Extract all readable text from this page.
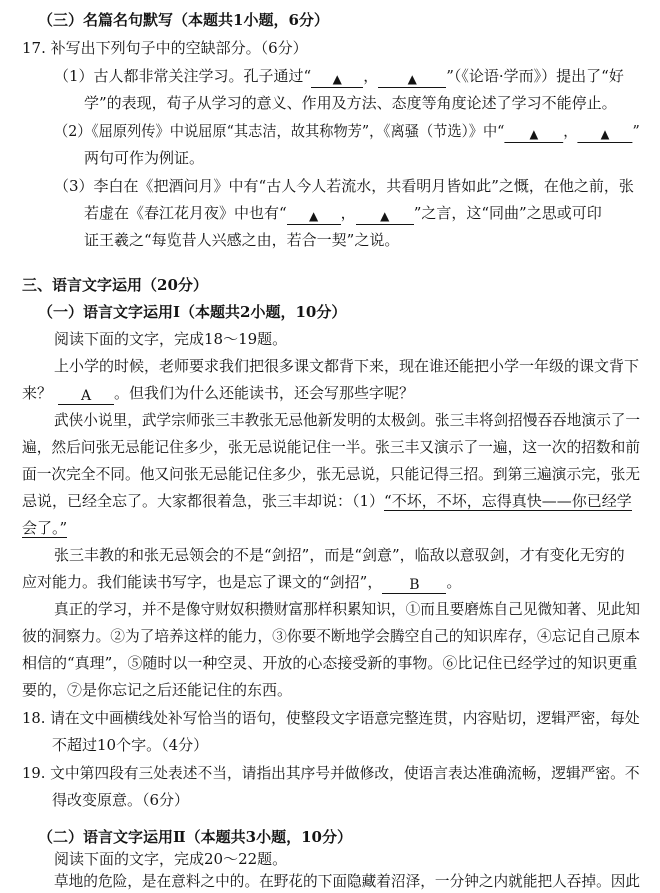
（三）名篇名句默写（本题共1小题，6分）
17. 补写出下列句子中的空缺部分。（6分）
（1）古人都非常关注学习。孔子通过“ ▲ ， ▲ ”（《论语·学而》）提出了“好
学”的表现，荀子从学习的意义、作用及方法、态度等角度论述了学习不能停止。
（2）《屈原列传》中说屈原“其志洁，故其称物芳”，《离骚（节选）》中“ ▲ ， ▲ ”
两句可作为例证。
（3）李白在《把酒问月》中有“古人今人若流水，共看明月皆如此”之慨，在他之前，张
若虚在《春江花月夜》中也有“ ▲ ， ▲ ”之言，这“同曲”之思或可印
证王羲之“每览昔人兴感之由，若合一契”之说。
三、语言文字运用（20分）
（一）语言文字运用Ⅰ（本题共2小题，10分）
阅读下面的文字，完成18～19题。
上小学的时候，老师要求我们把很多课文都背下来，现在谁还能把小学一年级的课文背下
来？ A 。但我们为什么还能读书，还会写那些字呢？
武侠小说里，武学宗师张三丰教张无忌他新发明的太极剑。张三丰将剑招慢吞吞地演示了一
遍，然后问张无忌能记住多少，张无忌说能记住一半。张三丰又演示了一遍，这一次的招数和前
面一次完全不同。他又问张无忌能记住多少，张无忌说，只能记得三招。到第三遍演示完，张无
忌说，已经全忘了。大家都很着急，张三丰却说：（1）“不坏，不坏，忘得真快——你已经学
会了。”
张三丰教的和张无忌领会的不是“剑招”，而是“剑意”，临敌以意驭剑，才有变化无穷的
应对能力。我们能读书写字，也是忘了课文的“剑招”， B 。
真正的学习，并不是像守财奴积攒财富那样积累知识，①而且要磨炼自己见微知著、见此知
彼的洞察力。②为了培养这样的能力，③你要不断地学会腾空自己的知识库存，④忘记自己原本
相信的“真理”，⑤随时以一种空灵、开放的心态接受新的事物。⑥比记住已经学过的知识更重
要的，⑦是你忘记之后还能记住的东西。
18. 请在文中画横线处补写恰当的语句，使整段文字语意完整连贯，内容贴切，逻辑严密，每处
不超过10个字。（4分）
19. 文中第四段有三处表述不当，请指出其序号并做修改，使语言表达准确流畅，逻辑严密。不
得改变原意。（6分）
（二）语言文字运用Ⅱ（本题共3小题，10分）
阅读下面的文字，完成20～22题。
草地的危险，是在意料之中的。在野花的下面隐藏着沼泽，一分钟之内就能把人吞掉。因此
